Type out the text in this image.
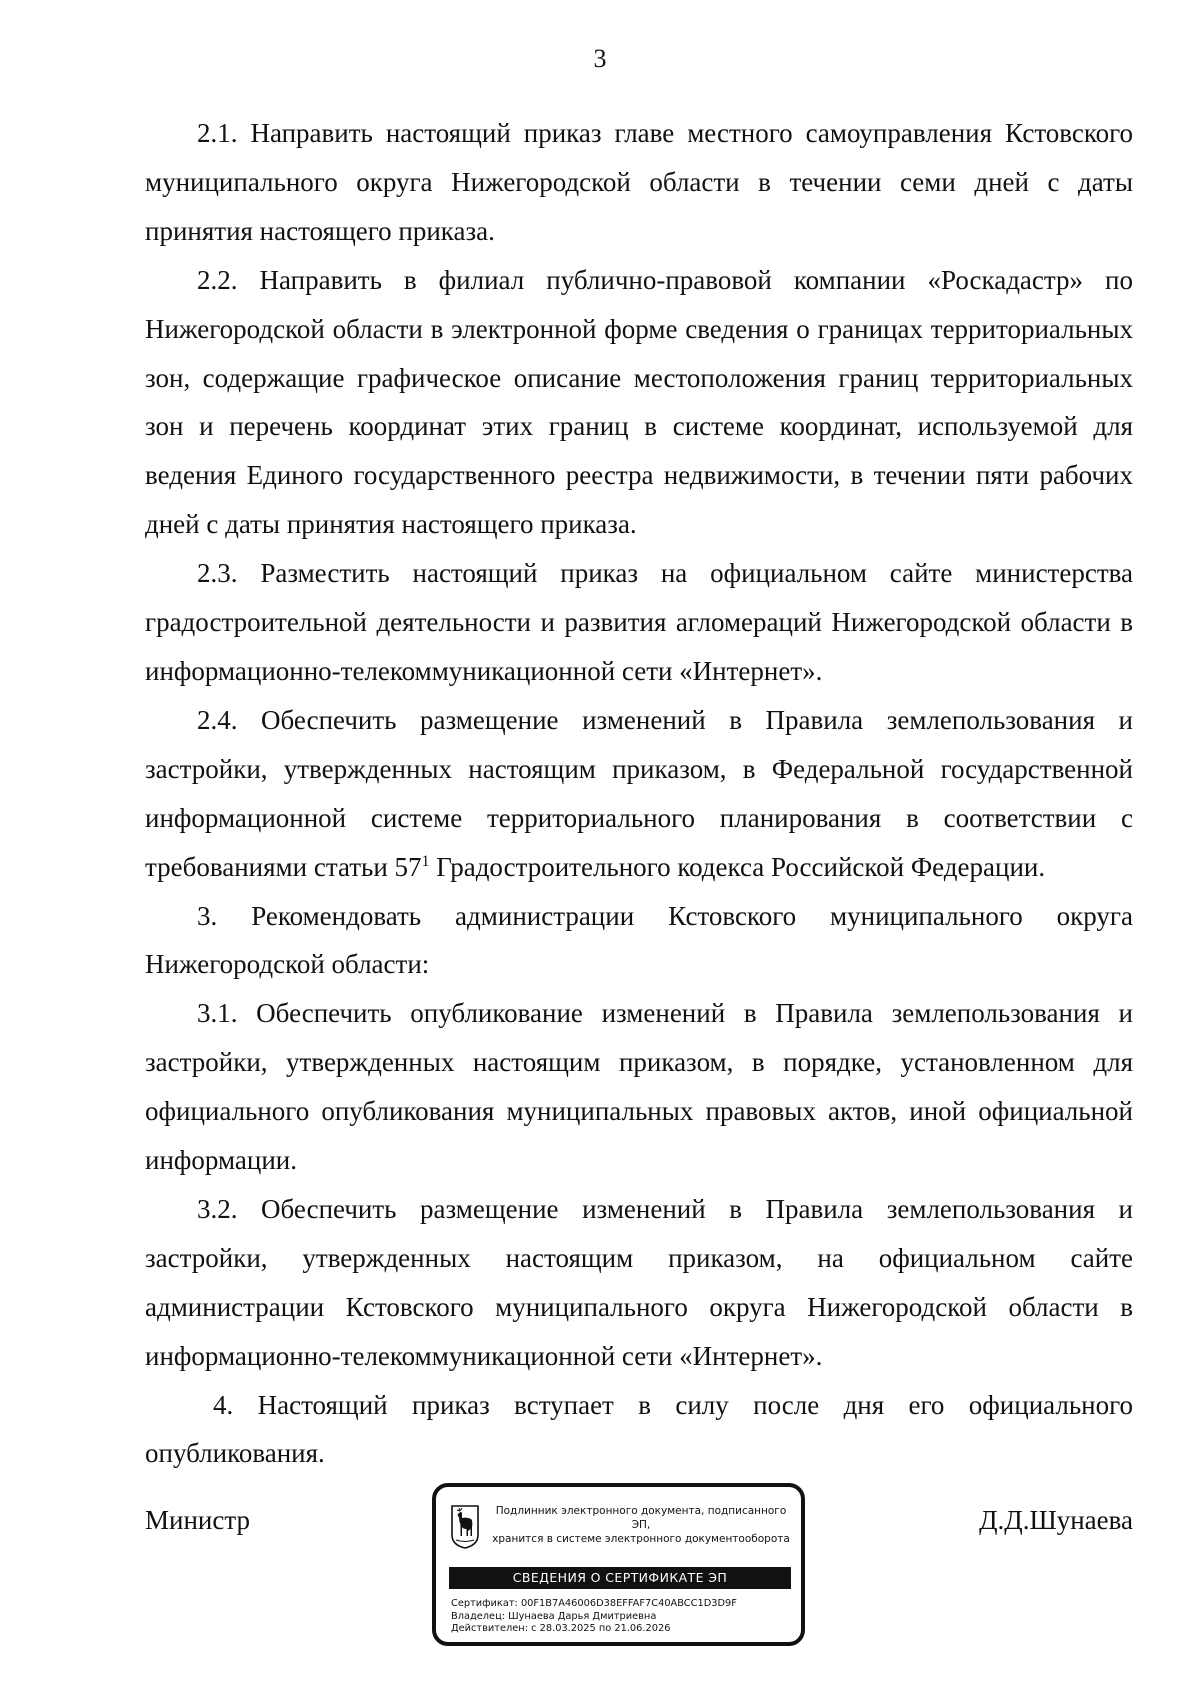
3

2.1. Направить настоящий приказ главе местного самоуправления Кстовского муниципального округа Нижегородской области в течении семи дней с даты принятия настоящего приказа.

2.2. Направить в филиал публично-правовой компании «Роскадастр» по Нижегородской области в электронной форме сведения о границах территориальных зон, содержащие графическое описание местоположения границ территориальных зон и перечень координат этих границ в системе координат, используемой для ведения Единого государственного реестра недвижимости, в течении пяти рабочих дней с даты принятия настоящего приказа.

2.3. Разместить настоящий приказ на официальном сайте министерства градостроительной деятельности и развития агломераций Нижегородской области в информационно-телекоммуникационной сети «Интернет».

2.4. Обеспечить размещение изменений в Правила землепользования и застройки, утвержденных настоящим приказом, в Федеральной государственной информационной системе территориального планирования в соответствии с требованиями статьи $57^1$ Градостроительного кодекса Российской Федерации.

3. Рекомендовать администрации Кстовского муниципального округа Нижегородской области:

3.1. Обеспечить опубликование изменений в Правила землепользования и застройки, утвержденных настоящим приказом, в порядке, установленном для официального опубликования муниципальных правовых актов, иной официальной информации.

3.2. Обеспечить размещение изменений в Правила землепользования и застройки, утвержденных настоящим приказом, на официальном сайте администрации Кстовского муниципального округа Нижегородской области в информационно-телекоммуникационной сети «Интернет».

4. Настоящий приказ вступает в силу после дня его официального опубликования.

Министр	Д.Д.Шунаева
Подлинник электронного документа, подписанного ЭП,
хранится в системе электронного документооборота
СВЕДЕНИЯ О СЕРТИФИКАТЕ ЭП
Сертификат: 00F1B7A46006D38EFFAF7C40ABCC1D3D9F
Владелец: Шунаева Дарья Дмитриевна
Действителен: с 28.03.2025 по 21.06.2026
